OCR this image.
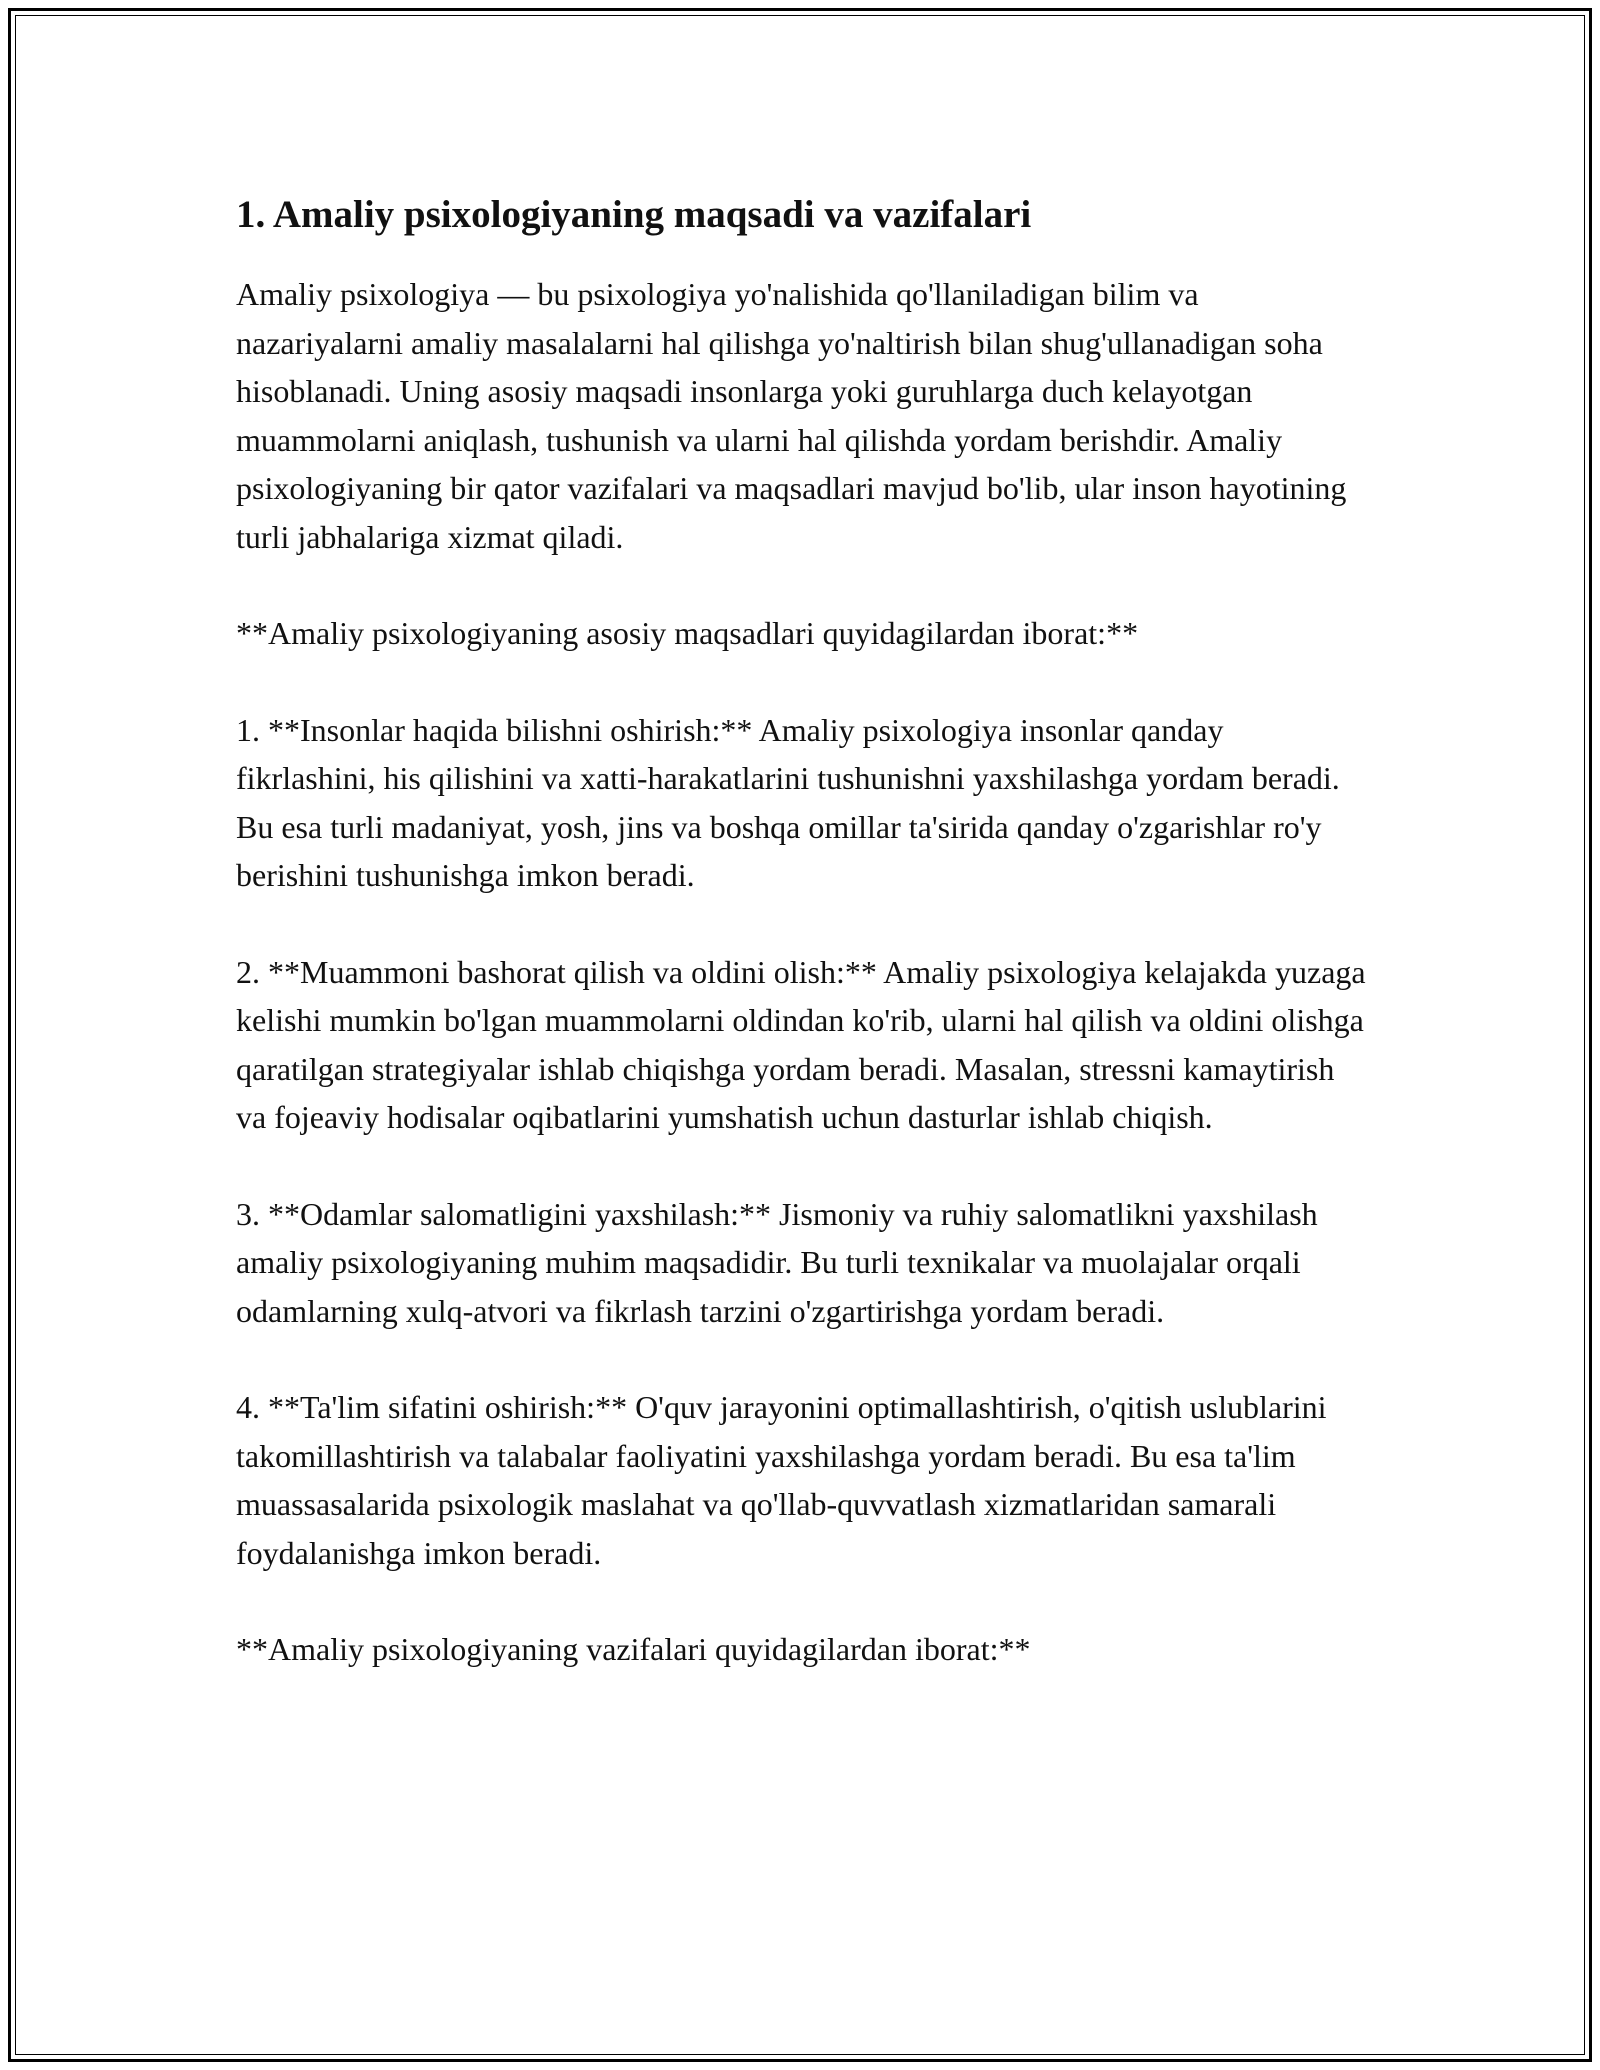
1. Amaliy psixologiyaning maqsadi va vazifalari

Amaliy psixologiya — bu psixologiya yo'nalishida qo'llaniladigan bilim va nazariyalarni amaliy masalalarni hal qilishga yo'naltirish bilan shug'ullanadigan soha hisoblanadi. Uning asosiy maqsadi insonlarga yoki guruhlarga duch kelayotgan muammolarni aniqlash, tushunish va ularni hal qilishda yordam berishdir. Amaliy psixologiyaning bir qator vazifalari va maqsadlari mavjud bo'lib, ular inson hayotining turli jabhalariga xizmat qiladi.

**Amaliy psixologiyaning asosiy maqsadlari quyidagilardan iborat:**

1. **Insonlar haqida bilishni oshirish:** Amaliy psixologiya insonlar qanday fikrlashini, his qilishini va xatti-harakatlarini tushunishni yaxshilashga yordam beradi. Bu esa turli madaniyat, yosh, jins va boshqa omillar ta'sirida qanday o'zgarishlar ro'y berishini tushunishga imkon beradi.

2. **Muammoni bashorat qilish va oldini olish:** Amaliy psixologiya kelajakda yuzaga kelishi mumkin bo'lgan muammolarni oldindan ko'rib, ularni hal qilish va oldini olishga qaratilgan strategiyalar ishlab chiqishga yordam beradi. Masalan, stressni kamaytirish va fojeaviy hodisalar oqibatlarini yumshatish uchun dasturlar ishlab chiqish.

3. **Odamlar salomatligini yaxshilash:** Jismoniy va ruhiy salomatlikni yaxshilash amaliy psixologiyaning muhim maqsadidir. Bu turli texnikalar va muolajalar orqali odamlarning xulq-atvori va fikrlash tarzini o'zgartirishga yordam beradi.

4. **Ta'lim sifatini oshirish:** O'quv jarayonini optimallashtirish, o'qitish uslublarini takomillashtirish va talabalar faoliyatini yaxshilashga yordam beradi. Bu esa ta'lim muassasalarida psixologik maslahat va qo'llab-quvvatlash xizmatlaridan samarali foydalanishga imkon beradi.

**Amaliy psixologiyaning vazifalari quyidagilardan iborat:**
